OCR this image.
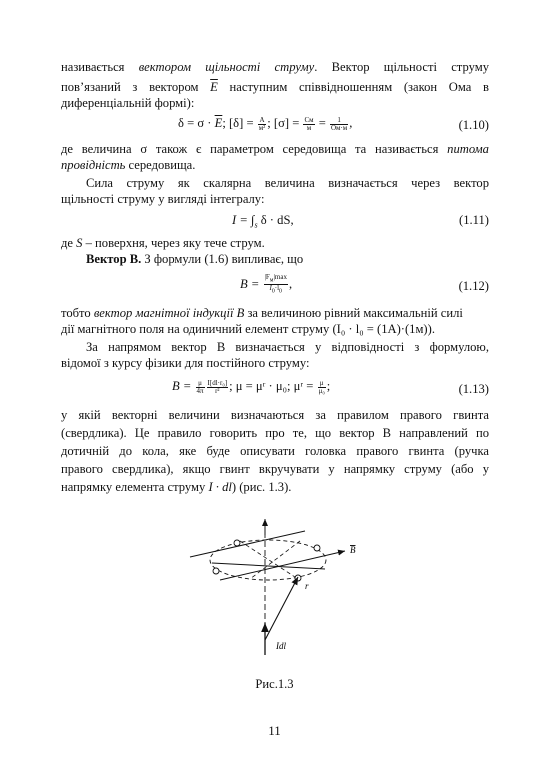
називається вектором щільності струму. Вектор щільності струму
пов’язаний з вектором $\overline{E}$ наступним співвідношенням (закон Ома в
диференціальній формі):
$\delta = \sigma \cdot \overline{E}$; $[\delta] = \frac{А}{\text{м²}}$ ; $[\sigma] = \frac{См}{м} = \frac{1}{Ом\cdot м}$ ,	(1.10)
де величина σ також є параметром середовища та називається питома
провідність середовища.
Сила струму як скалярна величина визначається через вектор
щільності струму у вигляді інтегралу:
$I = \int_s$ δ · dS,	(1.11)
де S – поверхня, через яку тече струм.
Вектор B. З формули (1.6) випливає, що
$B = \frac{|F_м|\max}{I_0\cdot l_0}$ ,	(1.12)
тобто вектор магнітної індукції B за величиною рівний максимальній силі
дії магнітного поля на одиничний елемент струму (I₀ · l₀ = (1А)·(1м)).
За напрямом вектор B визначається у відповідності з формулою,
відомої з курсу фізики для постійного струму:
$B = \frac{\mu}{4\pi} \frac{\text{I[dl·r₀]}}{\text{r²}}$ ; μ = μʳ · μ₀; μʳ = $\frac{\mu}{\text{μ₀}}$ ;	(1.13)
у якій векторні величини визначаються за правилом правого гвинта
(свердлика). Це правило говорить про те, що вектор B направлений по
дотичній до кола, яке буде описувати головка правого гвинта (ручка
правого свердлика), якщо гвинт вкручувати у напрямку струму (або у
напрямку елемента струму I · dl) (рис. 1.3).
B
r
Idl
Рис.1.3
11
